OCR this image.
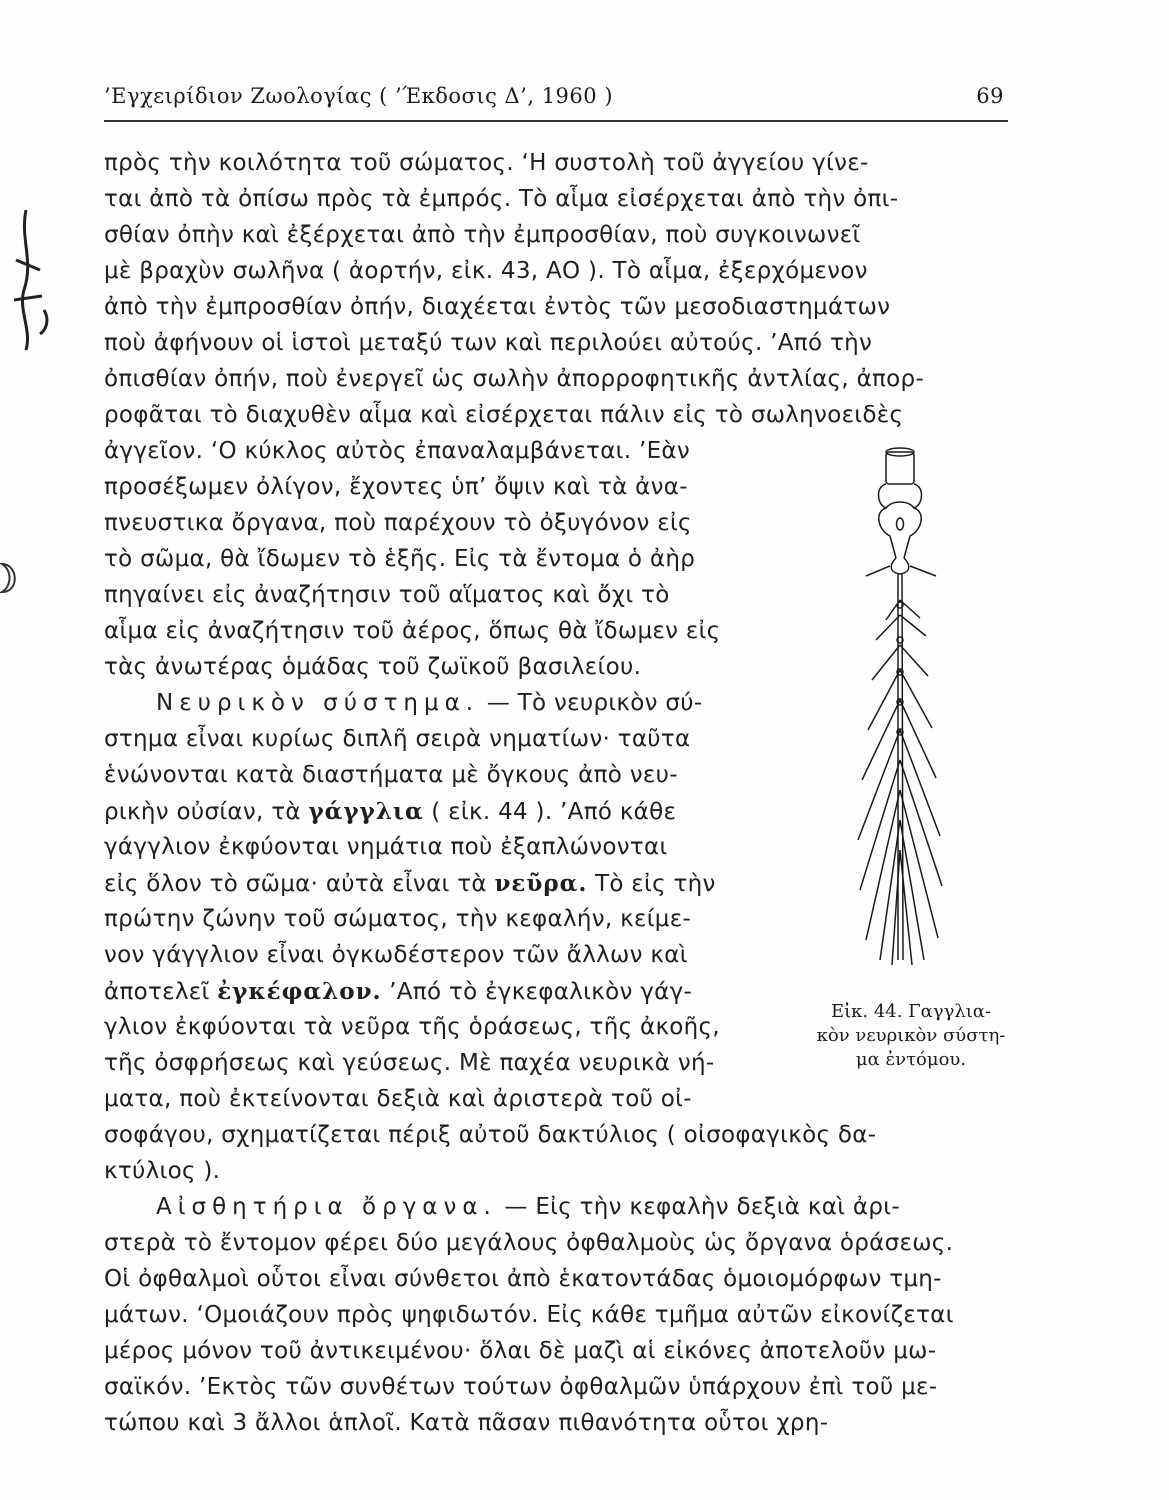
’Εγχειρίδιον Ζωολογίας ( ’Έκδοσις Δ’, 1960 )	69
πρὸς τὴν κοιλότητα τοῦ σώματος. ‘Η συστολὴ τοῦ ἀγγείου γίνε-
ται ἀπὸ τὰ ὀπίσω πρὸς τὰ ἐμπρός. Τὸ αἷμα εἰσέρχεται ἀπὸ τὴν ὀπι-
σθίαν ὀπὴν καὶ ἐξέρχεται ἀπὸ τὴν ἐμπροσθίαν, ποὺ συγκοινωνεῖ
μὲ βραχὺν σωλῆνα ( ἀορτήν, εἰκ. 43, ΑΟ ). Τὸ αἷμα, ἐξερχόμενον
ἀπὸ τὴν ἐμπροσθίαν ὀπήν, διαχέεται ἐντὸς τῶν μεσοδιαστημάτων
ποὺ ἀφήνουν οἱ ἱστοὶ μεταξύ των καὶ περιλούει αὐτούς. ’Από τὴν
ὀπισθίαν ὀπήν, ποὺ ἐνεργεῖ ὡς σωλὴν ἀπορροφητικῆς ἀντλίας, ἀπορ-
ροφᾶται τὸ διαχυθὲν αἷμα καὶ εἰσέρχεται πάλιν εἰς τὸ σωληνοειδὲς
ἀγγεῖον. ‘Ο κύκλος αὐτὸς ἐπαναλαμβάνεται. ’Εὰν
προσέξωμεν ὀλίγον, ἔχοντες ὑπ’ ὄψιν καὶ τὰ ἀνα-
πνευστικα ὄργανα, ποὺ παρέχουν τὸ ὀξυγόνον εἰς
τὸ σῶμα, θὰ ἴδωμεν τὸ ἑξῆς. Εἰς τὰ ἔντομα ὁ ἀὴρ
πηγαίνει εἰς ἀναζήτησιν τοῦ αἵματος καὶ ὄχι τὸ
αἷμα εἰς ἀναζήτησιν τοῦ ἀέρος, ὅπως θὰ ἴδωμεν εἰς
τὰς ἀνωτέρας ὁμάδας τοῦ ζωϊκοῦ βασιλείου.
Νευρικὸν σύστημα. — Τὸ νευρικὸν σύ-
στημα εἶναι κυρίως διπλῆ σειρὰ νηματίων· ταῦτα
ἑνώνονται κατὰ διαστήματα μὲ ὄγκους ἀπὸ νευ-
ρικὴν οὐσίαν, τὰ γάγγλια ( εἰκ. 44 ). ’Από κάθε
γάγγλιον ἐκφύονται νημάτια ποὺ ἐξαπλώνονται
εἰς ὅλον τὸ σῶμα· αὐτὰ εἶναι τὰ νεῦρα. Τὸ εἰς τὴν
πρώτην ζώνην τοῦ σώματος, τὴν κεφαλήν, κείμε-
νον γάγγλιον εἶναι ὀγκωδέστερον τῶν ἄλλων καὶ
ἀποτελεῖ ἐγκέφαλον. ’Από τὸ ἐγκεφαλικὸν γάγ-
γλιον ἐκφύονται τὰ νεῦρα τῆς ὁράσεως, τῆς ἀκοῆς,
τῆς ὀσφρήσεως καὶ γεύσεως. Μὲ παχέα νευρικὰ νή-
ματα, ποὺ ἐκτείνονται δεξιὰ καὶ ἀριστερὰ τοῦ οἰ-
σοφάγου, σχηματίζεται πέριξ αὐτοῦ δακτύλιος ( οἰσοφαγικὸς δα-
κτύλιος ).
Αἰσθητήρια ὄργανα. — Εἰς τὴν κεφαλὴν δεξιὰ καὶ ἀρι-
στερὰ τὸ ἔντομον φέρει δύο μεγάλους ὀφθαλμοὺς ὡς ὄργανα ὁράσεως.
Οἱ ὀφθαλμοὶ οὗτοι εἶναι σύνθετοι ἀπὸ ἑκατοντάδας ὁμοιομόρφων τμη-
μάτων. ‘Ομοιάζουν πρὸς ψηφιδωτόν. Εἰς κάθε τμῆμα αὐτῶν εἰκονίζεται
μέρος μόνον τοῦ ἀντικειμένου· ὅλαι δὲ μαζὶ αἱ εἰκόνες ἀποτελοῦν μω-
σαϊκόν. ’Εκτὸς τῶν συνθέτων τούτων ὀφθαλμῶν ὑπάρχουν ἐπὶ τοῦ με-
τώπου καὶ 3 ἄλλοι ἁπλοῖ. Κατὰ πᾶσαν πιθανότητα οὗτοι χρη-
Εἰκ. 44. Γαγγλια-
κὸν νευρικὸν σύστη-
μα ἐντόμου.
